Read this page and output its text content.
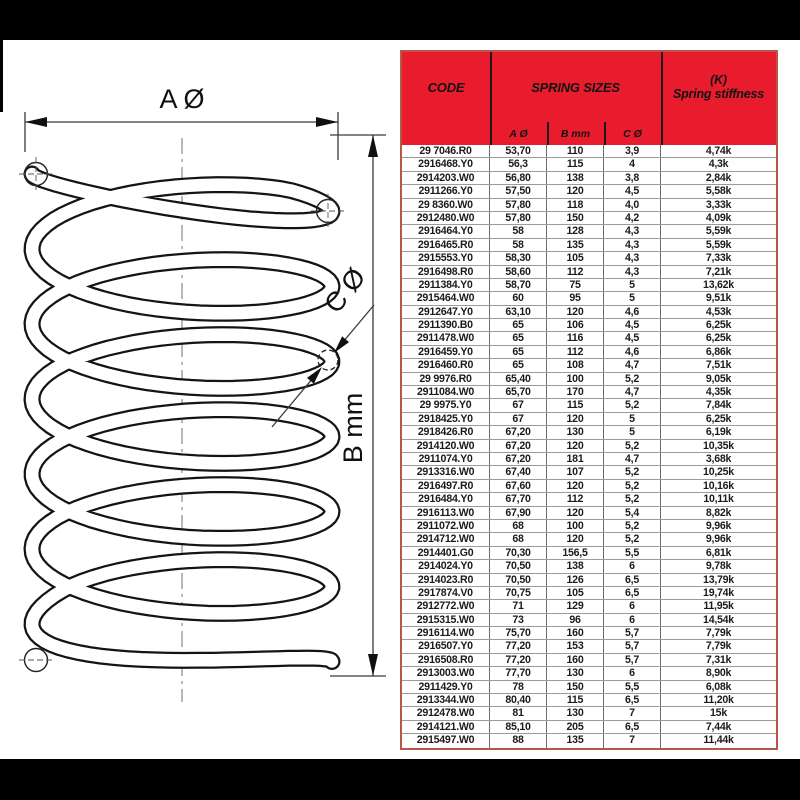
A Ø
B mm
C Ø
CODE	SPRING SIZES	(K)
Spring stiffness
A Ø	B mm	C Ø
29 7046.R0	53,70	110	3,9	4,74k
2916468.Y0	56,3	115	4	4,3k
2914203.W0	56,80	138	3,8	2,84k
2911266.Y0	57,50	120	4,5	5,58k
29 8360.W0	57,80	118	4,0	3,33k
2912480.W0	57,80	150	4,2	4,09k
2916464.Y0	58	128	4,3	5,59k
2916465.R0	58	135	4,3	5,59k
2915553.Y0	58,30	105	4,3	7,33k
2916498.R0	58,60	112	4,3	7,21k
2911384.Y0	58,70	75	5	13,62k
2915464.W0	60	95	5	9,51k
2912647.Y0	63,10	120	4,6	4,53k
2911390.B0	65	106	4,5	6,25k
2911478.W0	65	116	4,5	6,25k
2916459.Y0	65	112	4,6	6,86k
2916460.R0	65	108	4,7	7,51k
29 9976.R0	65,40	100	5,2	9,05k
2911084.W0	65,70	170	4,7	4,35k
29 9975.Y0	67	115	5,2	7,84k
2918425.Y0	67	120	5	6,25k
2918426.R0	67,20	130	5	6,19k
2914120.W0	67,20	120	5,2	10,35k
2911074.Y0	67,20	181	4,7	3,68k
2913316.W0	67,40	107	5,2	10,25k
2916497.R0	67,60	120	5,2	10,16k
2916484.Y0	67,70	112	5,2	10,11k
2916113.W0	67,90	120	5,4	8,82k
2911072.W0	68	100	5,2	9,96k
2914712.W0	68	120	5,2	9,96k
2914401.G0	70,30	156,5	5,5	6,81k
2914024.Y0	70,50	138	6	9,78k
2914023.R0	70,50	126	6,5	13,79k
2917874.V0	70,75	105	6,5	19,74k
2912772.W0	71	129	6	11,95k
2915315.W0	73	96	6	14,54k
2916114.W0	75,70	160	5,7	7,79k
2916507.Y0	77,20	153	5,7	7,79k
2916508.R0	77,20	160	5,7	7,31k
2913003.W0	77,70	130	6	8,90k
2911429.Y0	78	150	5,5	6,08k
2913344.W0	80,40	115	6,5	11,20k
2912478.W0	81	130	7	15k
2914121.W0	85,10	205	6,5	7,44k
2915497.W0	88	135	7	11,44k
